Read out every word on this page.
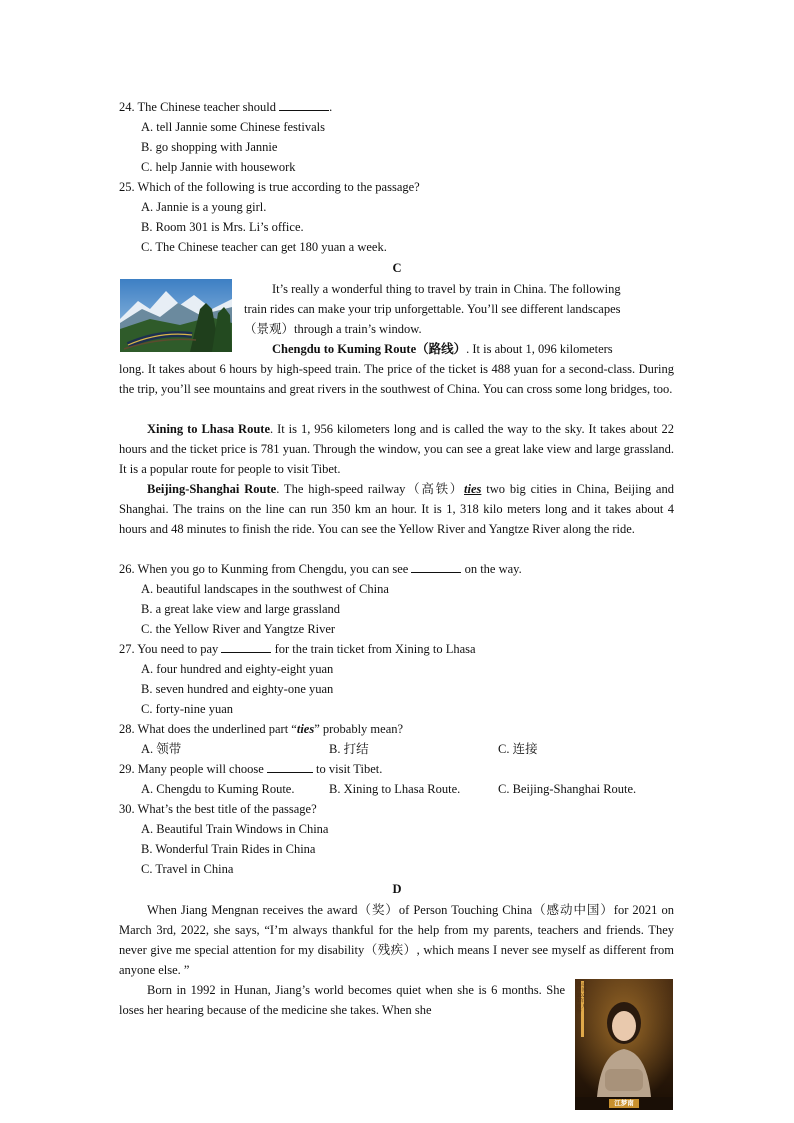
24. The Chinese teacher should	.
A. tell Jannie some Chinese festivals
B. go shopping with Jannie
C. help Jannie with housework
25. Which of the following is true according to the passage?
A. Jannie is a young girl.
B. Room 301 is Mrs. Li’s office.
C. The Chinese teacher can get 180 yuan a week.
C
It’s really a wonderful thing to travel by train in China. The following
train rides can make your trip unforgettable. You’ll see different landscapes
（景观）through a train’s window.
Chengdu to Kuming Route（路线）. It is about 1, 096 kilometers

long. It takes about 6 hours by high-speed train. The price of the ticket is 488 yuan for a second-class. During the trip, you’ll see mountains and great rivers in the southwest of China. You can cross some long bridges, too.

Xining to Lhasa Route. It is 1, 956 kilometers long and is called the way to the sky. It takes about 22 hours and the ticket price is 781 yuan. Through the window, you can see a great lake view and large grassland. It is a popular route for people to visit Tibet.

Beijing-Shanghai Route. The high-speed railway（高铁）ties two big cities in China, Beijing and Shanghai. The trains on the line can run 350 km an hour. It is 1, 318 kilo meters long and it takes about 4 hours and 48 minutes to finish the ride. You can see the Yellow River and Yangtze River along the ride.

26. When you go to Kunming from Chengdu, you can see	on the way.
A. beautiful landscapes in the southwest of China
B. a great lake view and large grassland
C. the Yellow River and Yangtze River
27. You need to pay	for the train ticket from Xining to Lhasa
A. four hundred and eighty-eight yuan
B. seven hundred and eighty-one yuan
C. forty-nine yuan
28. What does the underlined part “ties” probably mean?
A. 领带	B. 打结	C. 连接
29. Many people will choose	to visit Tibet.
A. Chengdu to Kuming Route.	B. Xining to Lhasa Route.	C. Beijing-Shanghai Route.
30. What’s the best title of the passage?
A. Beautiful Train Windows in China
B. Wonderful Train Rides in China
C. Travel in China
D

When Jiang Mengnan receives the award（奖）of Person Touching China（感动中国）for 2021 on March 3rd, 2022, she says, “I’m always thankful for the help from my parents, teachers and friends. They never give me special attention for my disability（残疾）, which means I never see myself as different from anyone else. ”

Born in 1992 in Hunan, Jiang’s world becomes quiet when she is 6 months. She loses her hearing because of the medicine she takes. When she

感动中国2021年度人物
江梦南
